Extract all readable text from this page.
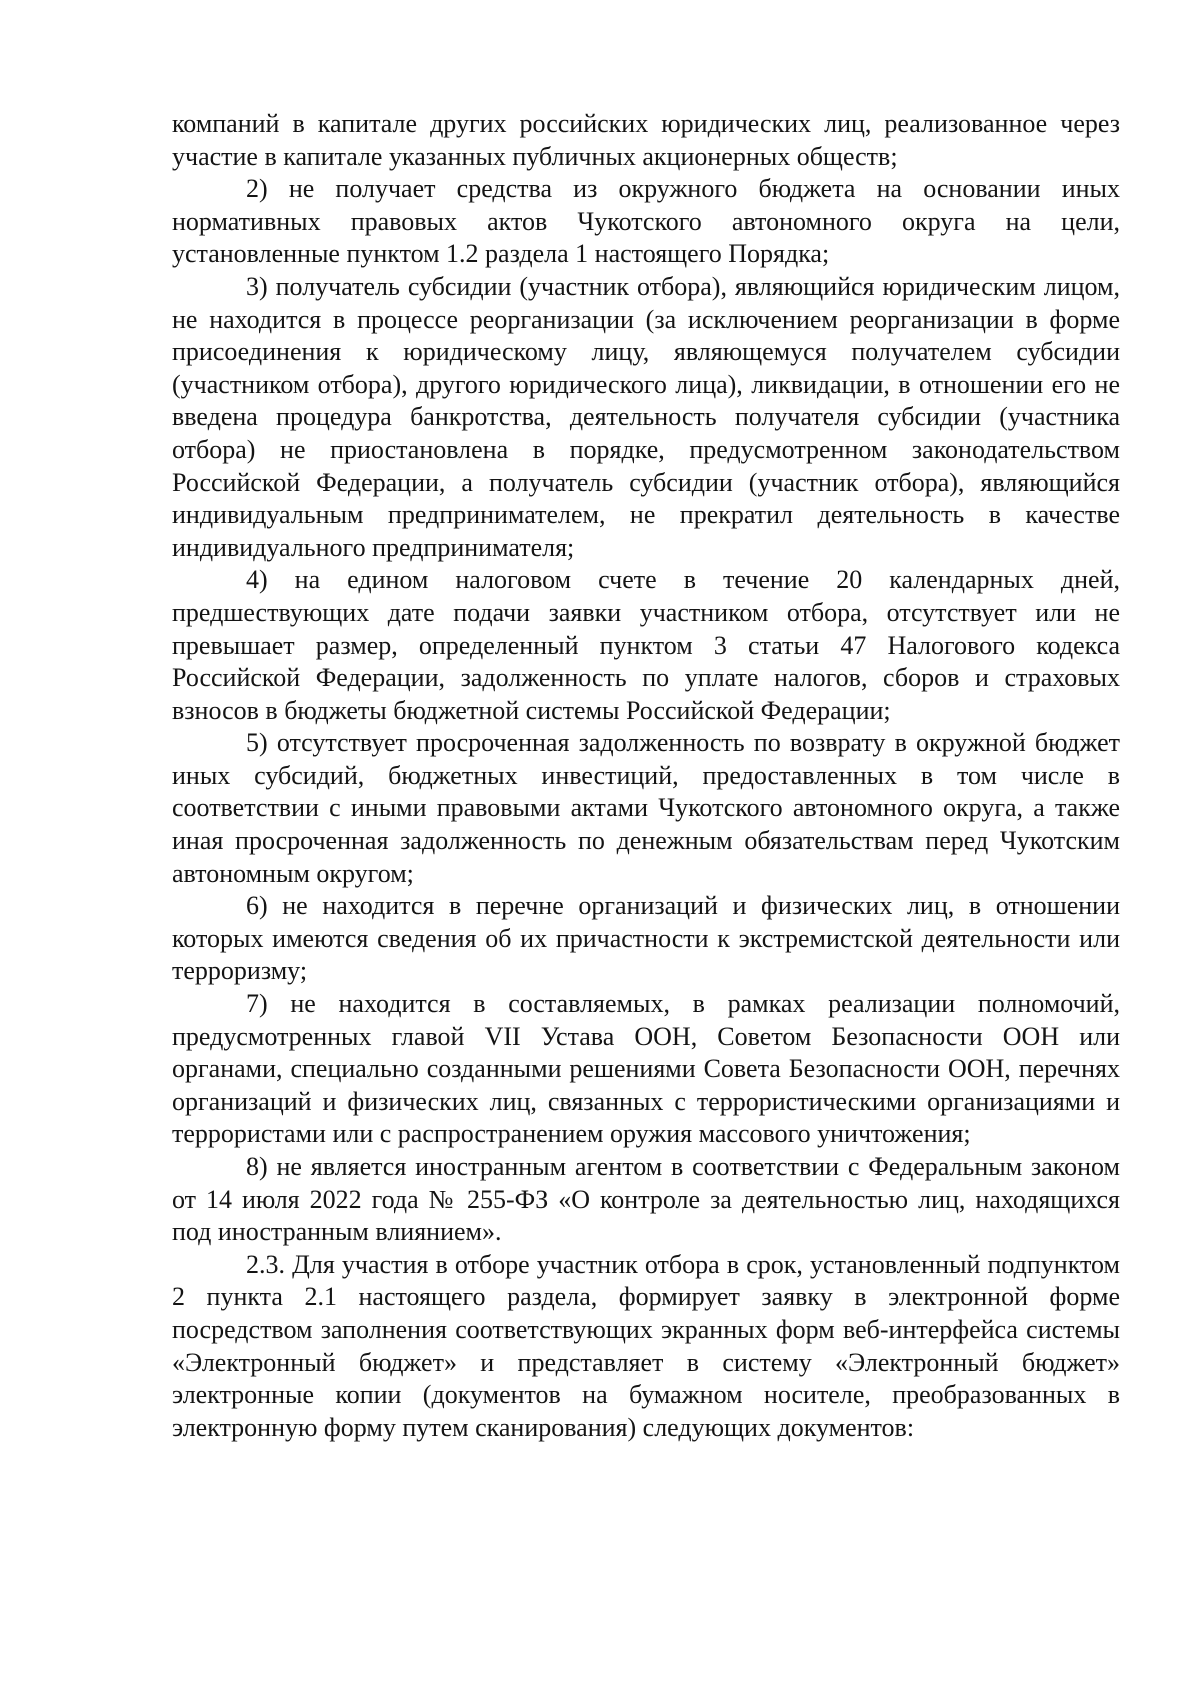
компаний в капитале других российских юридических лиц, реализованное через участие в капитале указанных публичных акционерных обществ;

2) не получает средства из окружного бюджета на основании иных нормативных правовых актов Чукотского автономного округа на цели, установленные пунктом 1.2 раздела 1 настоящего Порядка;

3) получатель субсидии (участник отбора), являющийся юридическим лицом, не находится в процессе реорганизации (за исключением реорганизации в форме присоединения к юридическому лицу, являющемуся получателем субсидии (участником отбора), другого юридического лица), ликвидации, в отношении его не введена процедура банкротства, деятельность получателя субсидии (участника отбора) не приостановлена в порядке, предусмотренном законодательством Российской Федерации, а получатель субсидии (участник отбора), являющийся индивидуальным предпринимателем, не прекратил деятельность в качестве индивидуального предпринимателя;

4) на едином налоговом счете в течение 20 календарных дней, предшествующих дате подачи заявки участником отбора, отсутствует или не превышает размер, определенный пунктом 3 статьи 47 Налогового кодекса Российской Федерации, задолженность по уплате налогов, сборов и страховых взносов в бюджеты бюджетной системы Российской Федерации;

5) отсутствует просроченная задолженность по возврату в окружной бюджет иных субсидий, бюджетных инвестиций, предоставленных в том числе в соответствии с иными правовыми актами Чукотского автономного округа, а также иная просроченная задолженность по денежным обязательствам перед Чукотским автономным округом;

6) не находится в перечне организаций и физических лиц, в отношении которых имеются сведения об их причастности к экстремистской деятельности или терроризму;

7) не находится в составляемых, в рамках реализации полномочий, предусмотренных главой VII Устава ООН, Советом Безопасности ООН или органами, специально созданными решениями Совета Безопасности ООН, перечнях организаций и физических лиц, связанных с террористическими организациями и террористами или с распространением оружия массового уничтожения;

8) не является иностранным агентом в соответствии с Федеральным законом от 14 июля 2022 года № 255-ФЗ «О контроле за деятельностью лиц, находящихся под иностранным влиянием».

2.3. Для участия в отборе участник отбора в срок, установленный подпунктом 2 пункта 2.1 настоящего раздела, формирует заявку в электронной форме посредством заполнения соответствующих экранных форм веб-интерфейса системы «Электронный бюджет» и представляет в систему «Электронный бюджет» электронные копии (документов на бумажном носителе, преобразованных в электронную форму путем сканирования) следующих документов:
